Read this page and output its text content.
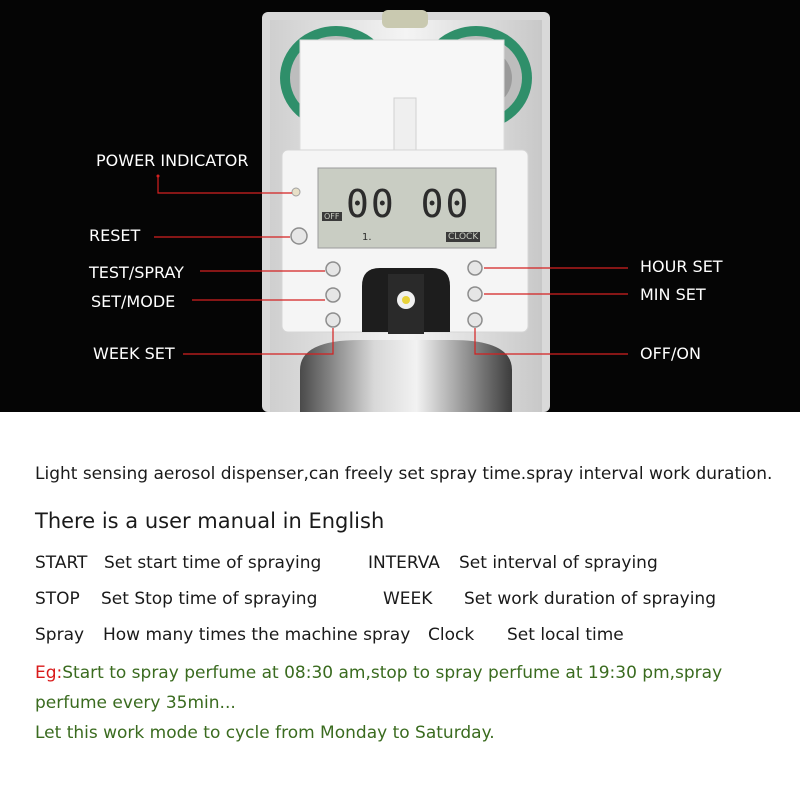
00 00
OFF
1.	CLOCK
POWER INDICATOR
RESET
TEST/SPRAY
SET/MODE
WEEK SET
HOUR SET
MIN SET
OFF/ON
Light sensing aerosol dispenser,can freely set spray time.spray interval work duration.
There is a user manual in English
START Set start time of spraying	INTERVA Set interval of spraying
STOP Set Stop time of spraying	WEEK Set work duration of spraying
Spray How many times the machine spray Clock Set local time
Eg:Start to spray perfume at 08:30 am,stop to spray perfume at 19:30 pm,spray perfume every 35min...
Let this work mode to cycle from Monday to Saturday.
